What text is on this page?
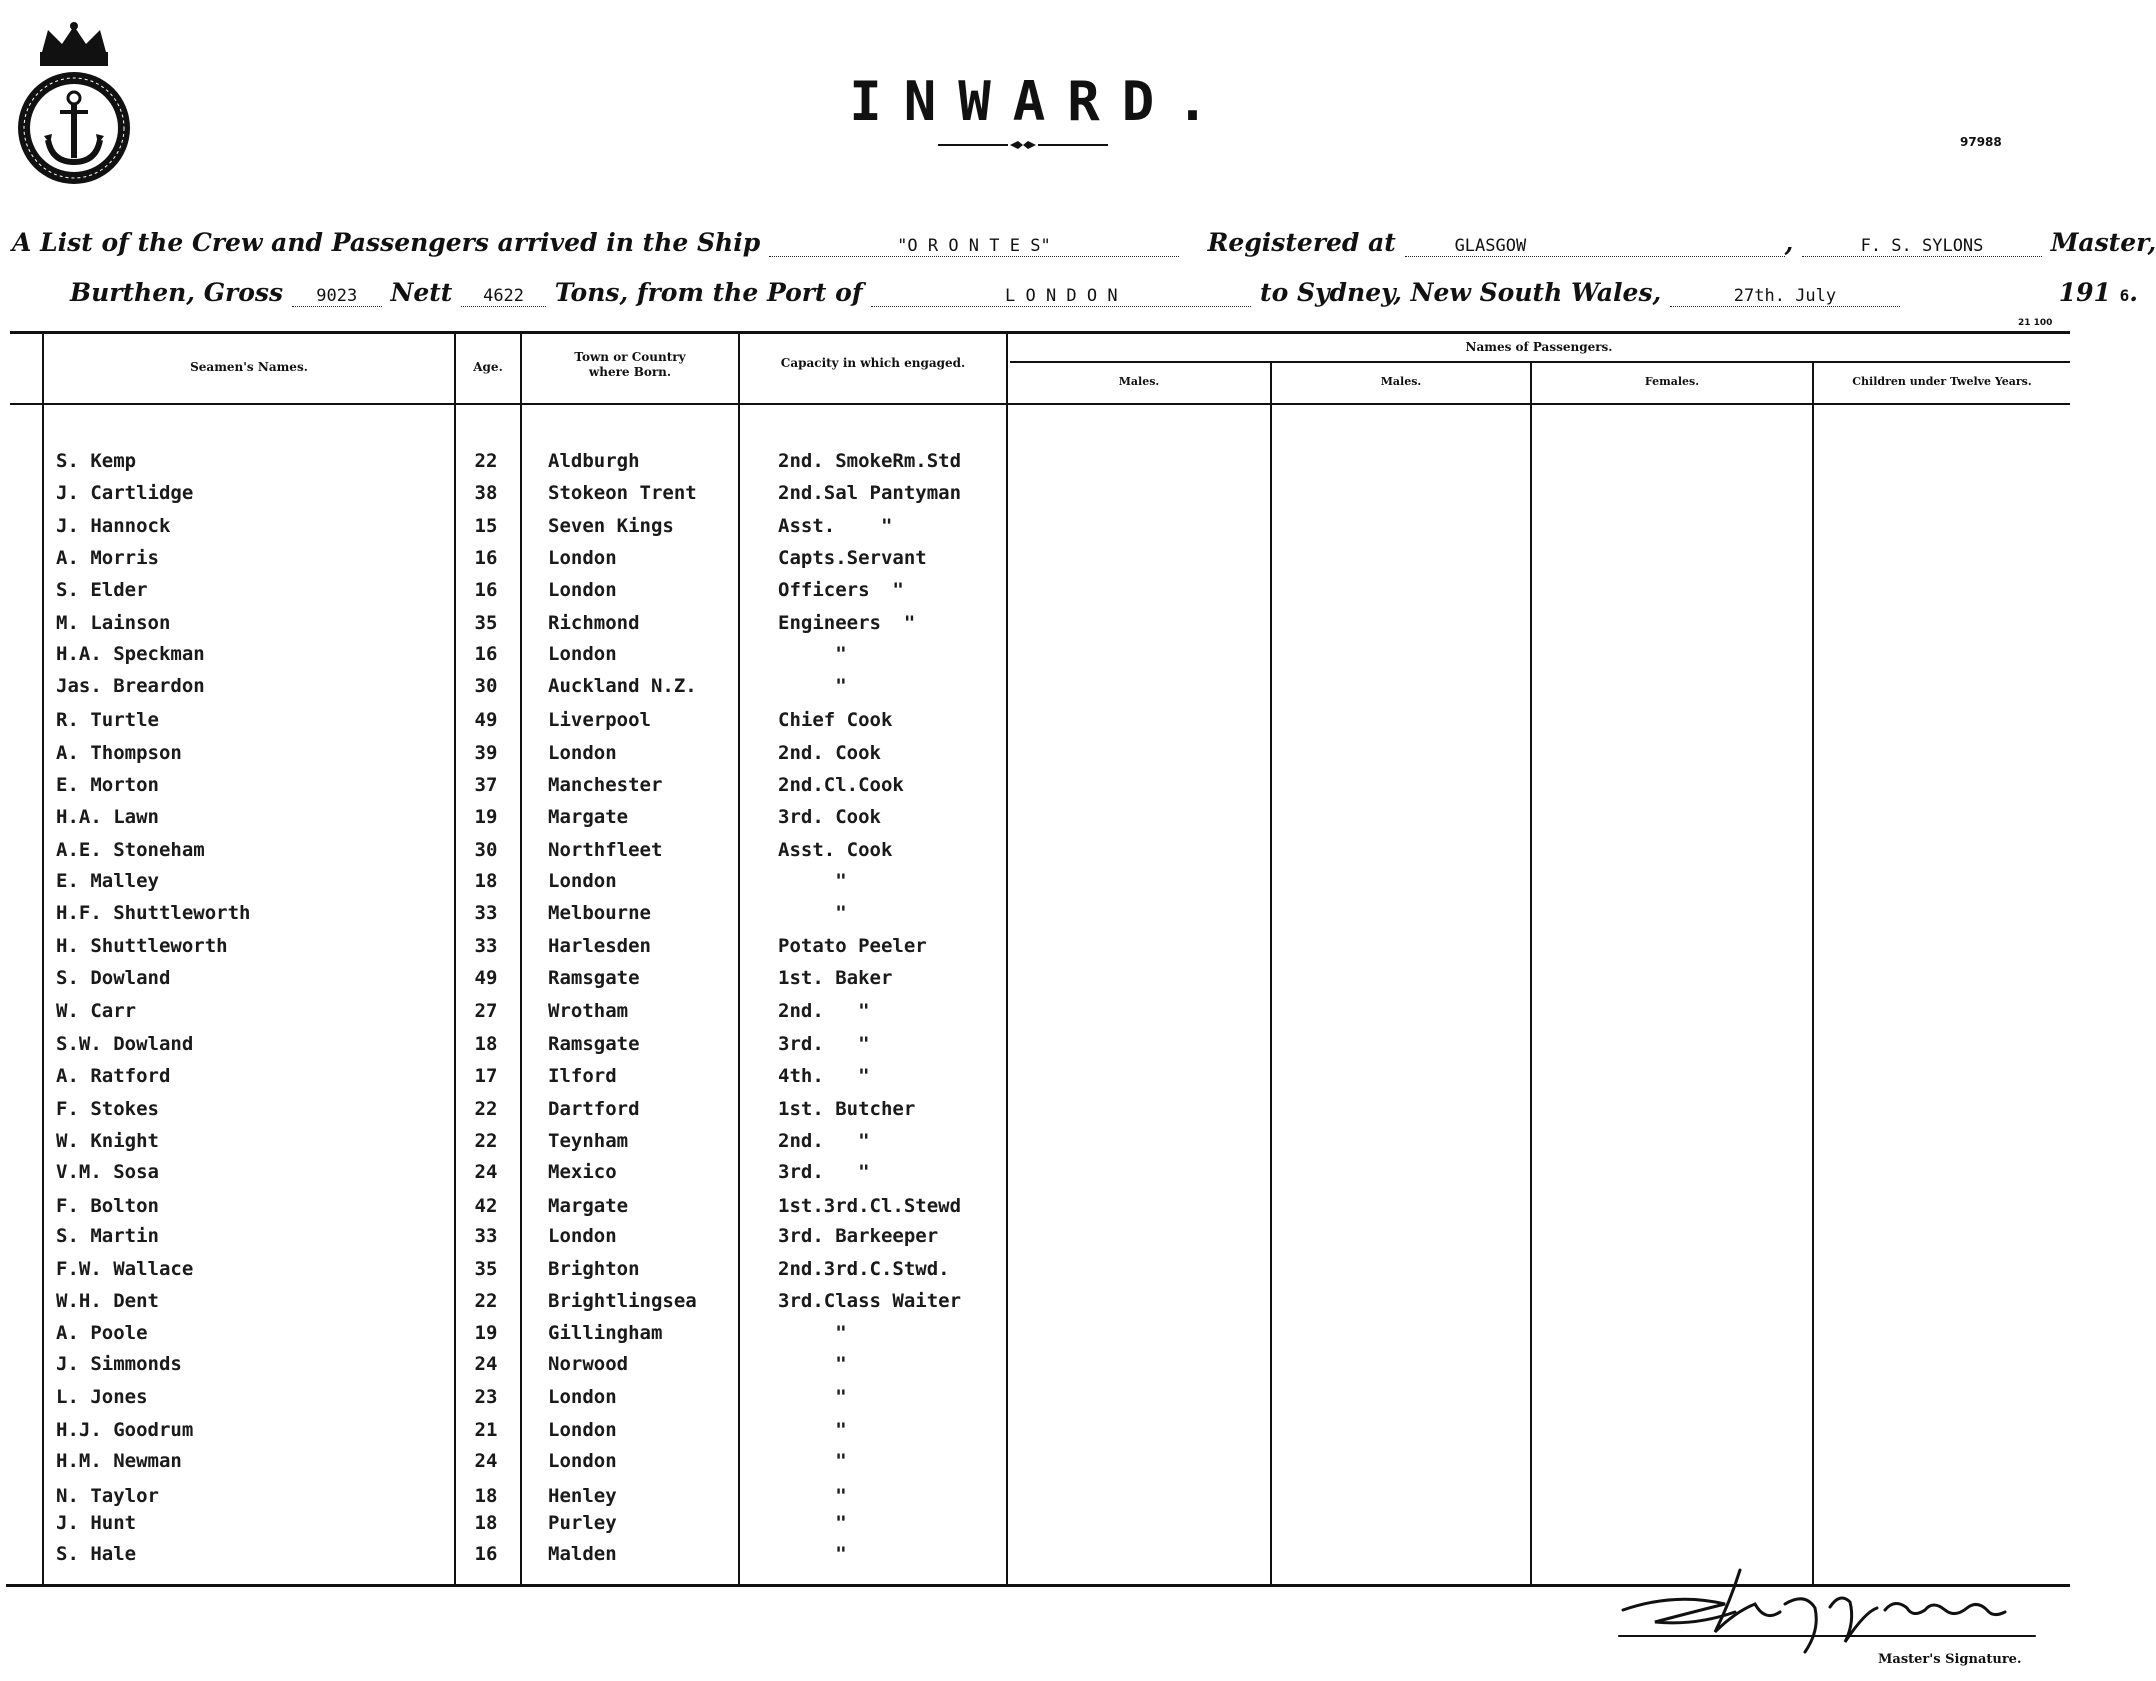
INWARD.
97988
21 100
A List of the Crew and Passengers arrived in the Ship	"O R O N T E S"	Registered at	GLASGOW	,	F. S. SYLONS	Master,
Burthen, Gross 9023 Nett 4622 Tons, from the Port of	L O N D O N	to Sydney, New South Wales,	27th. July	191 6.
Seamen's Names.	Age.
Town or Country where Born.
Capacity in which engaged.
Names of Passengers.
Males.	Males.	Females.	Children under Twelve Years.
S. Kemp	22	Aldburgh	2nd. SmokeRm.Std
J. Cartlidge	38	Stokeon Trent	2nd.Sal Pantyman
J. Hannock	15	Seven Kings	Asst.    "
A. Morris	16	London	Capts.Servant
S. Elder	16	London	Officers  "
M. Lainson	35	Richmond	Engineers  "
H.A. Speckman	16	London	"
Jas. Breardon	30	Auckland N.Z.	"
R. Turtle	49	Liverpool	Chief Cook
A. Thompson	39	London	2nd. Cook
E. Morton	37	Manchester	2nd.Cl.Cook
H.A. Lawn	19	Margate	3rd. Cook
A.E. Stoneham	30	Northfleet	Asst. Cook
E. Malley	18	London	"
H.F. Shuttleworth	33	Melbourne	"
H. Shuttleworth	33	Harlesden	Potato Peeler
S. Dowland	49	Ramsgate	1st. Baker
W. Carr	27	Wrotham	2nd.   "
S.W. Dowland	18	Ramsgate	3rd.   "
A. Ratford	17	Ilford	4th.   "
F. Stokes	22	Dartford	1st. Butcher
W. Knight	22	Teynham	2nd.   "
V.M. Sosa	24	Mexico	3rd.   "
F. Bolton	42	Margate	1st.3rd.Cl.Stewd
S. Martin	33	London	3rd. Barkeeper
F.W. Wallace	35	Brighton	2nd.3rd.C.Stwd.
W.H. Dent	22	Brightlingsea	3rd.Class Waiter
A. Poole	19	Gillingham	"
J. Simmonds	24	Norwood	"
L. Jones	23	London	"
H.J. Goodrum	21	London	"
H.M. Newman	24	London	"
N. Taylor	18	Henley	"
J. Hunt	18	Purley	"
S. Hale	16	Malden	"
Master's Signature.
